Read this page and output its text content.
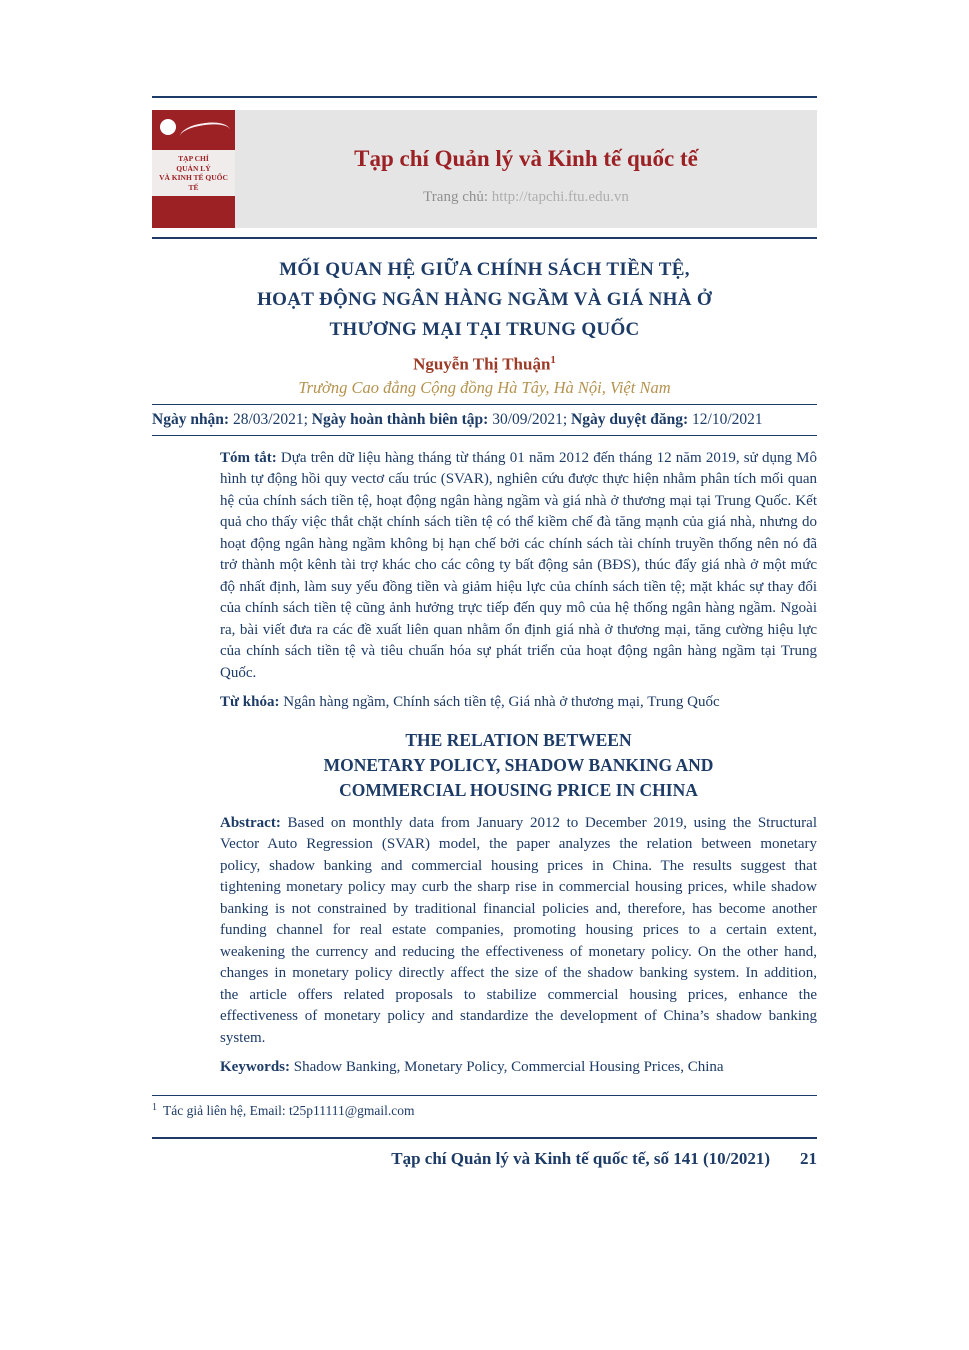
TẠP CHÍ
QUẢN LÝ
VÀ KINH TẾ QUỐC TẾ
Tạp chí Quản lý và Kinh tế quốc tế
Trang chủ: http://tapchi.ftu.edu.vn
MỐI QUAN HỆ GIỮA CHÍNH SÁCH TIỀN TỆ,
HOẠT ĐỘNG NGÂN HÀNG NGẦM VÀ GIÁ NHÀ Ở
THƯƠNG MẠI TẠI TRUNG QUỐC
Nguyễn Thị Thuận$^1$
Trường Cao đẳng Cộng đồng Hà Tây, Hà Nội, Việt Nam
Ngày nhận: 28/03/2021; Ngày hoàn thành biên tập: 30/09/2021; Ngày duyệt đăng: 12/10/2021

Tóm tắt: Dựa trên dữ liệu hàng tháng từ tháng 01 năm 2012 đến tháng 12 năm 2019, sử dụng Mô hình tự động hồi quy vectơ cấu trúc (SVAR), nghiên cứu được thực hiện nhằm phân tích mối quan hệ của chính sách tiền tệ, hoạt động ngân hàng ngầm và giá nhà ở thương mại tại Trung Quốc. Kết quả cho thấy việc thắt chặt chính sách tiền tệ có thể kiềm chế đà tăng mạnh của giá nhà, nhưng do hoạt động ngân hàng ngầm không bị hạn chế bởi các chính sách tài chính truyền thống nên nó đã trở thành một kênh tài trợ khác cho các công ty bất động sản (BĐS), thúc đẩy giá nhà ở một mức độ nhất định, làm suy yếu đồng tiền và giảm hiệu lực của chính sách tiền tệ; mặt khác sự thay đổi của chính sách tiền tệ cũng ảnh hưởng trực tiếp đến quy mô của hệ thống ngân hàng ngầm. Ngoài ra, bài viết đưa ra các đề xuất liên quan nhằm ổn định giá nhà ở thương mại, tăng cường hiệu lực của chính sách tiền tệ và tiêu chuẩn hóa sự phát triển của hoạt động ngân hàng ngầm tại Trung Quốc.

Từ khóa: Ngân hàng ngầm, Chính sách tiền tệ, Giá nhà ở thương mại, Trung Quốc

THE RELATION BETWEEN
MONETARY POLICY, SHADOW BANKING AND
COMMERCIAL HOUSING PRICE IN CHINA

Abstract: Based on monthly data from January 2012 to December 2019, using the Structural Vector Auto Regression (SVAR) model, the paper analyzes the relation between monetary policy, shadow banking and commercial housing prices in China. The results suggest that tightening monetary policy may curb the sharp rise in commercial housing prices, while shadow banking is not constrained by traditional financial policies and, therefore, has become another funding channel for real estate companies, promoting housing prices to a certain extent, weakening the currency and reducing the effectiveness of monetary policy. On the other hand, changes in monetary policy directly affect the size of the shadow banking system. In addition, the article offers related proposals to stabilize commercial housing prices, enhance the effectiveness of monetary policy and standardize the development of China’s shadow banking system.

Keywords: Shadow Banking, Monetary Policy, Commercial Housing Prices, China

$^1$ Tác giả liên hệ, Email: t25p11111@gmail.com
Tạp chí Quản lý và Kinh tế quốc tế, số 141 (10/2021) 21
